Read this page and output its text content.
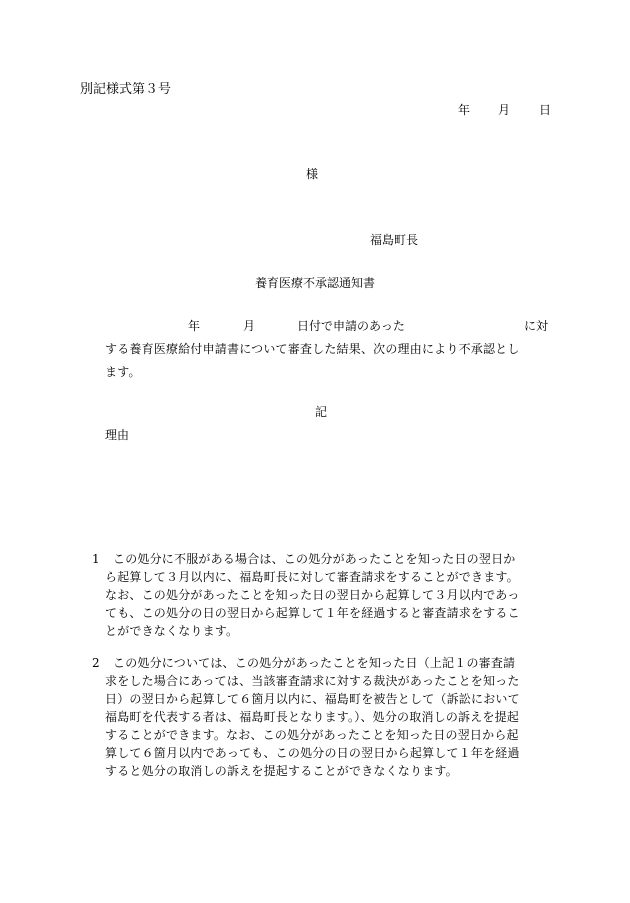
別記様式第３号
年 月 日
様
福島町長
養育医療不承認通知書
年	月	日付で申請のあった	に対
する養育医療給付申請書について審査した結果、次の理由により不承認とし
ます。
記
理由
1 この処分に不服がある場合は、この処分があったことを知った日の翌日か
ら起算して３月以内に、福島町長に対して審査請求をすることができます。
なお、この処分があったことを知った日の翌日から起算して３月以内であっ
ても、この処分の日の翌日から起算して１年を経過すると審査請求をするこ
とができなくなります。
2 この処分については、この処分があったことを知った日（上記１の審査請
求をした場合にあっては、当該審査請求に対する裁決があったことを知った
日）の翌日から起算して６箇月以内に、福島町を被告として（訴訟において
福島町を代表する者は、福島町長となります。）、処分の取消しの訴えを提起
することができます。なお、この処分があったことを知った日の翌日から起
算して６箇月以内であっても、この処分の日の翌日から起算して１年を経過
すると処分の取消しの訴えを提起することができなくなります。
